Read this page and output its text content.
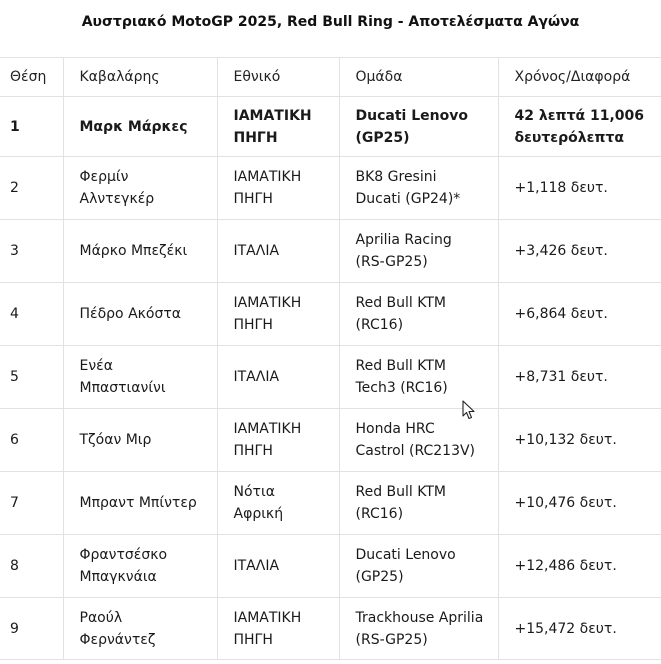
Αυστριακό MotoGP 2025, Red Bull Ring - Αποτελέσματα Αγώνα
Θέση	Καβαλάρης	Εθνικό	Ομάδα	Χρόνος/Διαφορά
1	Μαρκ Μάρκες	ΙΑΜΑΤΙΚΗ ΠΗΓΗ	Ducati Lenovo (GP25)	42 λεπτά 11,006 δευτερόλεπτα
2	Φερμίν Αλντεγκέρ	ΙΑΜΑΤΙΚΗ ΠΗΓΗ	BK8 Gresini Ducati (GP24)*	+1,118 δευτ.
3	Μάρκο Μπεζέκι	ΙΤΑΛΙΑ	Aprilia Racing (RS-GP25)	+3,426 δευτ.
4	Πέδρο Ακόστα	ΙΑΜΑΤΙΚΗ ΠΗΓΗ	Red Bull KTM (RC16)	+6,864 δευτ.
5	Ενέα Μπαστιανίνι	ΙΤΑΛΙΑ	Red Bull KTM Tech3 (RC16)	+8,731 δευτ.
6	Τζόαν Μιρ	ΙΑΜΑΤΙΚΗ ΠΗΓΗ	Honda HRC Castrol (RC213V)	+10,132 δευτ.
7	Μπραντ Μπίντερ	Νότια Αφρική	Red Bull KTM (RC16)	+10,476 δευτ.
8	Φραντσέσκο Μπαγκνάια	ΙΤΑΛΙΑ	Ducati Lenovo (GP25)	+12,486 δευτ.
9	Ραούλ Φερνάντεζ	ΙΑΜΑΤΙΚΗ ΠΗΓΗ	Trackhouse Aprilia (RS-GP25)	+15,472 δευτ.
